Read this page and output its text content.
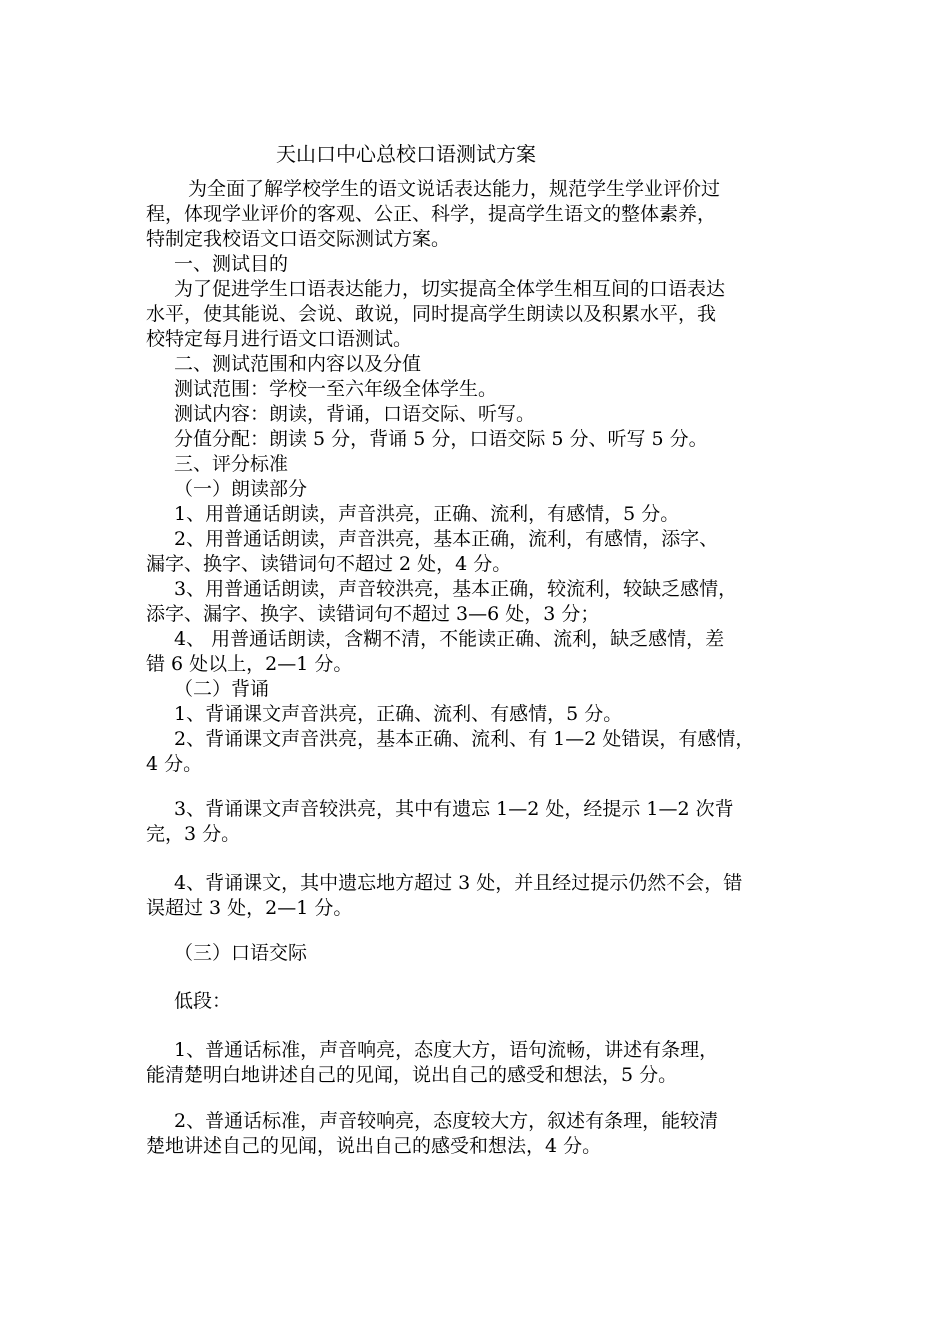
天山口中心总校口语测试方案
为全面了解学校学生的语文说话表达能力，规范学生学业评价过
程，体现学业评价的客观、公正、科学，提高学生语文的整体素养，
特制定我校语文口语交际测试方案。
一、测试目的
为了促进学生口语表达能力，切实提高全体学生相互间的口语表达
水平，使其能说、会说、敢说，同时提高学生朗读以及积累水平，我
校特定每月进行语文口语测试。
二、测试范围和内容以及分值
测试范围：学校一至六年级全体学生。
测试内容：朗读，背诵，口语交际、听写。
分值分配：朗读 5 分，背诵 5 分，口语交际 5 分、听写 5 分。
三、评分标准
（一）朗读部分
1、用普通话朗读，声音洪亮，正确、流利，有感情，5 分。
2、用普通话朗读，声音洪亮，基本正确，流利，有感情，添字、
漏字、换字、读错词句不超过 2 处，4 分。
3、用普通话朗读，声音较洪亮，基本正确，较流利，较缺乏感情，
添字、漏字、换字、读错词句不超过 3—6 处，3 分；
4、 用普通话朗读，含糊不清，不能读正确、流利，缺乏感情，差
错 6 处以上，2—1 分。
（二）背诵
1、背诵课文声音洪亮，正确、流利、有感情，5 分。
2、背诵课文声音洪亮，基本正确、流利、有 1—2 处错误，有感情，
4 分。
3、背诵课文声音较洪亮，其中有遗忘 1—2 处，经提示 1—2 次背
完，3 分。
4、背诵课文，其中遗忘地方超过 3 处，并且经过提示仍然不会，错
误超过 3 处，2—1 分。
（三）口语交际
低段：
1、普通话标准，声音响亮，态度大方，语句流畅，讲述有条理，
能清楚明白地讲述自己的见闻，说出自己的感受和想法，5 分。
2、普通话标准，声音较响亮，态度较大方，叙述有条理，能较清
楚地讲述自己的见闻，说出自己的感受和想法，4 分。
